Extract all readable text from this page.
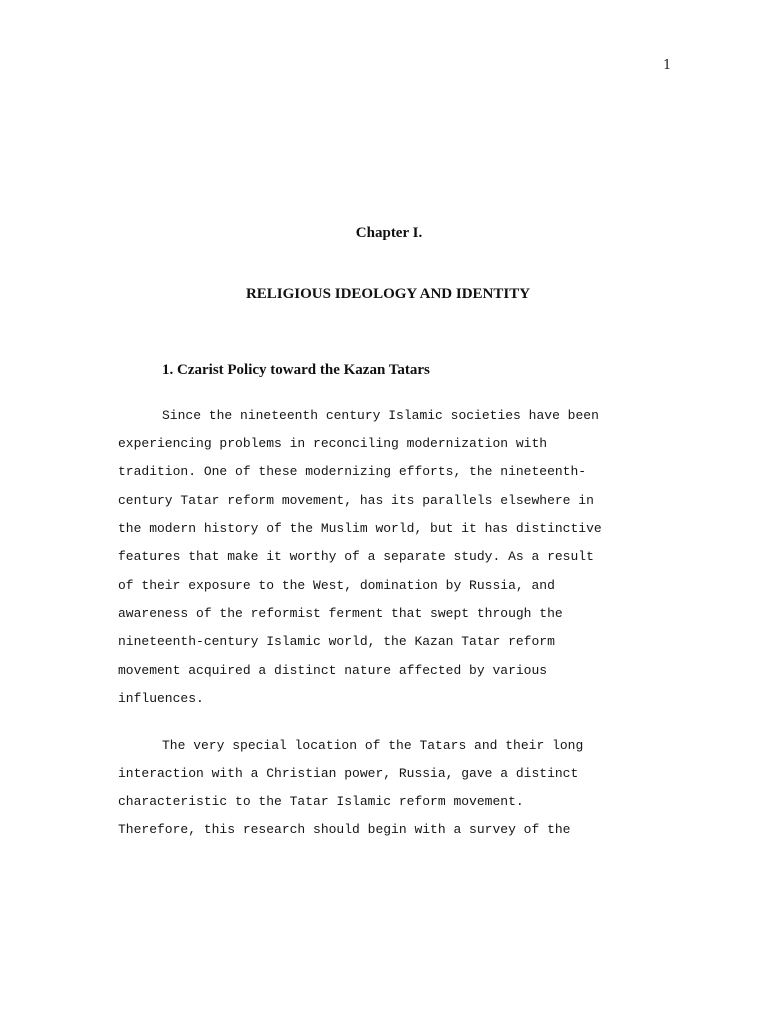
1
Chapter I.
RELIGIOUS IDEOLOGY AND IDENTITY
1. Czarist Policy toward the Kazan Tatars
Since the nineteenth century Islamic societies have been
experiencing problems in reconciling modernization with
tradition. One of these modernizing efforts, the nineteenth-
century Tatar reform movement, has its parallels elsewhere in
the modern history of the Muslim world, but it has distinctive
features that make it worthy of a separate study. As a result
of their exposure to the West, domination by Russia, and
awareness of the reformist ferment that swept through the
nineteenth-century Islamic world, the Kazan Tatar reform
movement acquired a distinct nature affected by various
influences.
The very special location of the Tatars and their long
interaction with a Christian power, Russia, gave a distinct
characteristic to the Tatar Islamic reform movement.
Therefore, this research should begin with a survey of the
